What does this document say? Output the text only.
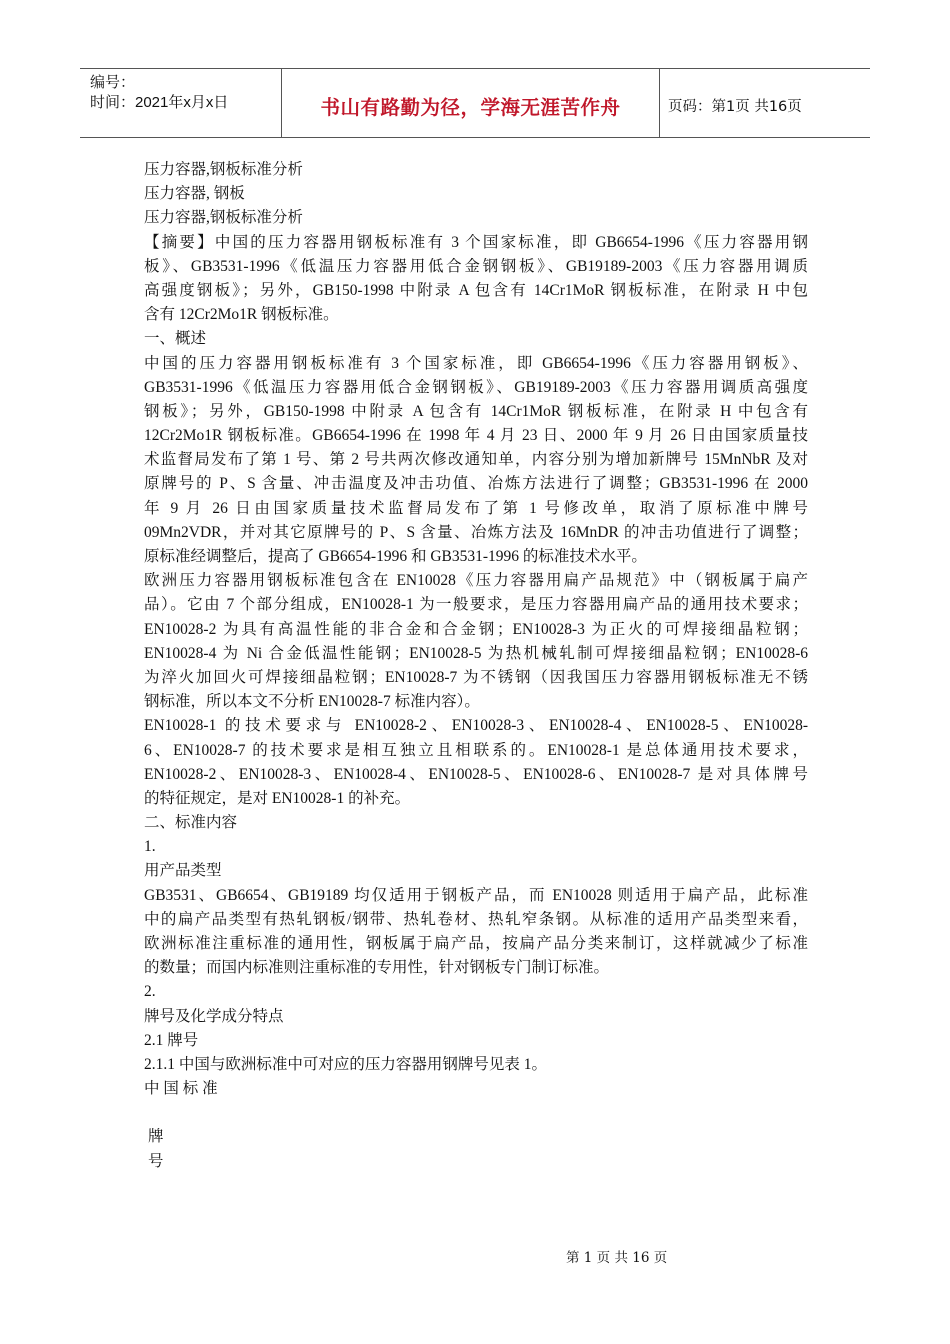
编号：
时间：2021年x月x日	书山有路勤为径，学海无涯苦作舟	页码：第1页 共16页
压力容器,钢板标准分析
压力容器, 钢板
压力容器,钢板标准分析
【摘要】中国的压力容器用钢板标准有 3 个国家标准，即 GB6654-1996《压力容器用钢
板》、GB3531-1996《低温压力容器用低合金钢钢板》、GB19189-2003《压力容器用调质
高强度钢板》；另外，GB150-1998 中附录 A 包含有 14Cr1MoR 钢板标准，在附录 H 中包
含有 12Cr2Mo1R 钢板标准。
一、概述
中国的压力容器用钢板标准有 3 个国家标准，即 GB6654-1996《压力容器用钢板》、
GB3531-1996《低温压力容器用低合金钢钢板》、GB19189-2003《压力容器用调质高强度
钢板》；另外，GB150-1998 中附录 A 包含有 14Cr1MoR 钢板标准，在附录 H 中包含有
12Cr2Mo1R 钢板标准。GB6654-1996 在 1998 年 4 月 23 日、2000 年 9 月 26 日由国家质量技
术监督局发布了第 1 号、第 2 号共两次修改通知单，内容分别为增加新牌号 15MnNbR 及对
原牌号的 P、S 含量、冲击温度及冲击功值、冶炼方法进行了调整；GB3531-1996 在 2000
年 9 月 26 日由国家质量技术监督局发布了第 1 号修改单，取消了原标准中牌号
09Mn2VDR，并对其它原牌号的 P、S 含量、冶炼方法及 16MnDR 的冲击功值进行了调整；
原标准经调整后，提高了 GB6654-1996 和 GB3531-1996 的标准技术水平。
欧洲压力容器用钢板标准包含在 EN10028《压力容器用扁产品规范》中（钢板属于扁产
品）。它由 7 个部分组成，EN10028-1 为一般要求，是压力容器用扁产品的通用技术要求；
EN10028-2 为具有高温性能的非合金和合金钢；EN10028-3 为正火的可焊接细晶粒钢；
EN10028-4 为 Ni 合金低温性能钢；EN10028-5 为热机械轧制可焊接细晶粒钢；EN10028-6
为淬火加回火可焊接细晶粒钢；EN10028-7 为不锈钢（因我国压力容器用钢板标准无不锈
钢标准，所以本文不分析 EN10028-7 标准内容）。
EN10028-1 的技术要求与 EN10028-2、EN10028-3、EN10028-4、EN10028-5、EN10028-
6、EN10028-7 的技术要求是相互独立且相联系的。EN10028-1 是总体通用技术要求，
EN10028-2、EN10028-3、EN10028-4、EN10028-5、EN10028-6、EN10028-7 是对具体牌号
的特征规定，是对 EN10028-1 的补充。
二、标准内容
1.
用产品类型
GB3531、GB6654、GB19189 均仅适用于钢板产品，而 EN10028 则适用于扁产品，此标准
中的扁产品类型有热轧钢板/钢带、热轧卷材、热轧窄条钢。从标准的适用产品类型来看，
欧洲标准注重标准的通用性，钢板属于扁产品，按扁产品分类来制订，这样就减少了标准
的数量；而国内标准则注重标准的专用性，针对钢板专门制订标准。
2.
牌号及化学成分特点
2.1 牌号
2.1.1 中国与欧洲标准中可对应的压力容器用钢牌号见表 1。
中 国 标 准
牌
号
第 1 页 共 16 页
